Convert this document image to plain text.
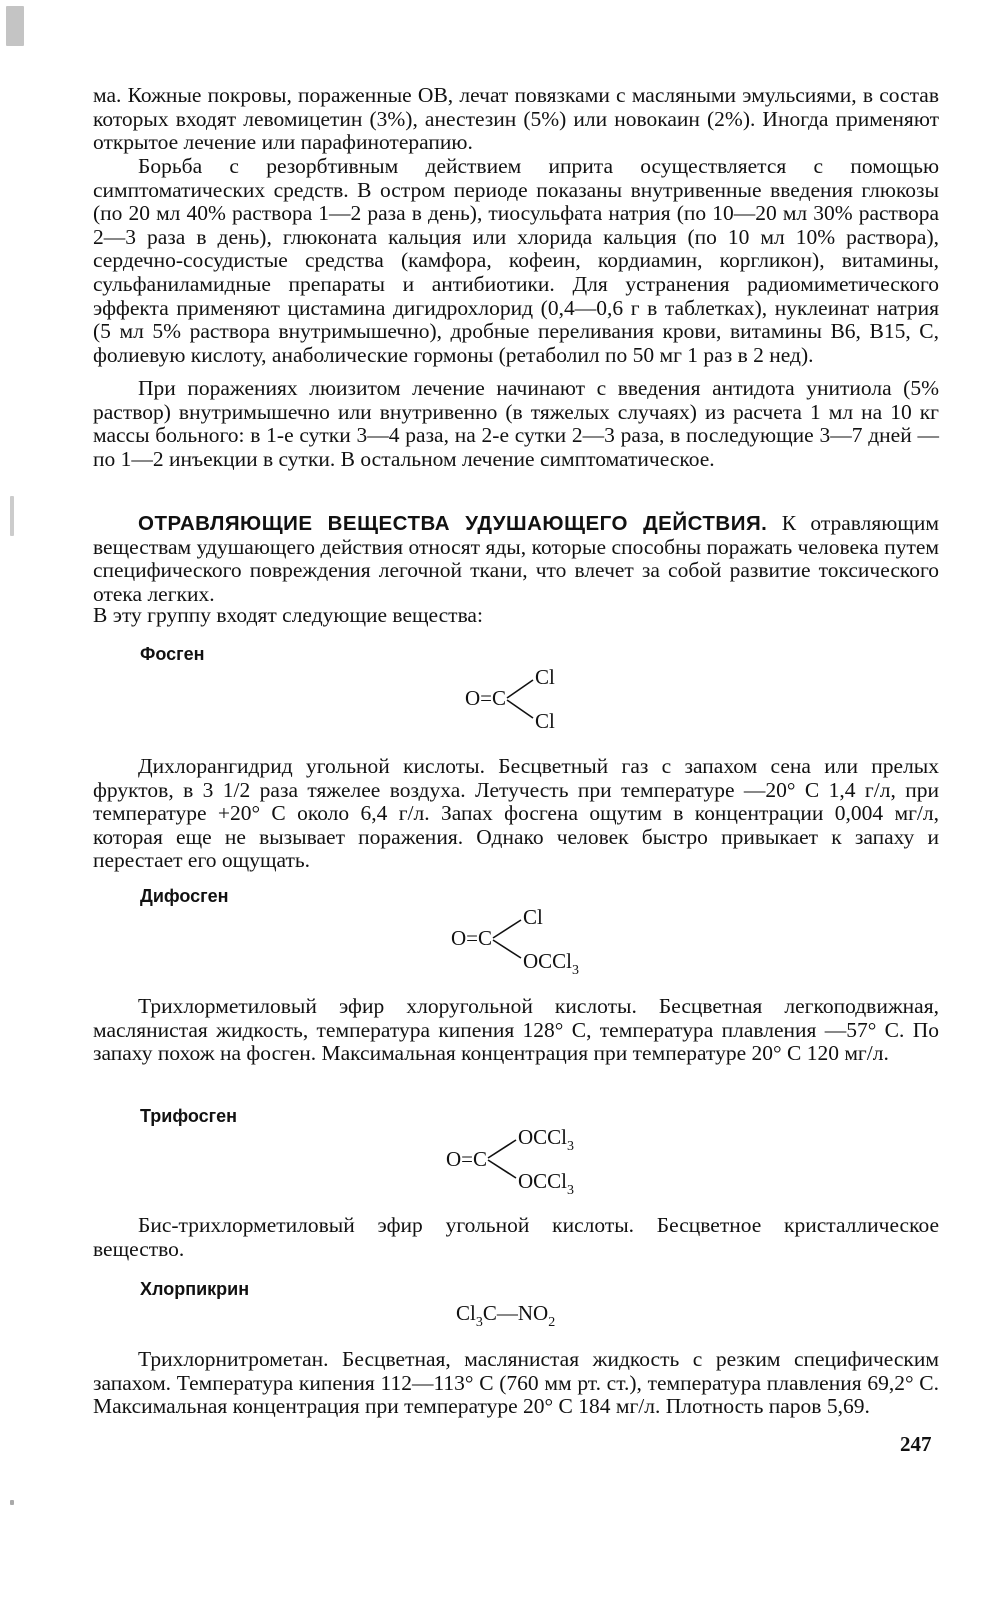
ма. Кожные покровы, пораженные ОВ, лечат повязками с масляными эмульсиями, в состав которых входят левомицетин (3%), анестезин (5%) или новокаин (2%). Иногда применяют открытое лечение или парафинотерапию.

Борьба с резорбтивным действием иприта осуществляется с помощью симптоматических средств. В остром периоде показаны внутривенные введения глюкозы (по 20 мл 40% раствора 1—2 раза в день), тиосульфата натрия (по 10—20 мл 30% раствора 2—3 раза в день), глюконата кальция или хлорида кальция (по 10 мл 10% раствора), сердечно-сосудистые средства (камфора, кофеин, кордиамин, коргликон), витамины, сульфаниламидные препараты и антибиотики. Для устранения радиомиметического эффекта применяют цистамина дигидрохлорид (0,4—0,6 г в таблетках), нуклеинат натрия (5 мл 5% раствора внутримышечно), дробные переливания крови, витамины B6, B15, C, фолиевую кислоту, анаболические гормоны (ретаболил по 50 мг 1 раз в 2 нед).

При поражениях люизитом лечение начинают с введения антидота унитиола (5% раствор) внутримышечно или внутривенно (в тяжелых случаях) из расчета 1 мл на 10 кг массы больного: в 1-е сутки 3—4 раза, на 2-е сутки 2—3 раза, в последующие 3—7 дней — по 1—2 инъекции в сутки. В остальном лечение симптоматическое.

ОТРАВЛЯЮЩИЕ ВЕЩЕСТВА УДУШАЮЩЕГО ДЕЙСТВИЯ. К отравляющим веществам удушающего действия относят яды, которые способны поражать человека путем специфического повреждения легочной ткани, что влечет за собой развитие токсического отека легких.

В эту группу входят следующие вещества:

Фосген

O=C
Cl
Cl

Дихлорангидрид угольной кислоты. Бесцветный газ с запахом сена или прелых фруктов, в 3 1/2 раза тяжелее воздуха. Летучесть при температуре —20° C 1,4 г/л, при температуре +20° C около 6,4 г/л. Запах фосгена ощутим в концентрации 0,004 мг/л, которая еще не вызывает поражения. Однако человек быстро привыкает к запаху и перестает его ощущать.

Дифосген

O=C
Cl
OCCl$_3$

Трихлорметиловый эфир хлоругольной кислоты. Бесцветная легкоподвижная, маслянистая жидкость, температура кипения 128° C, температура плавления —57° C. По запаху похож на фосген. Максимальная концентрация при температуре 20° C 120 мг/л.

Трифосген

O=C
OCCl$_3$
OCCl$_3$

Бис-трихлорметиловый эфир угольной кислоты. Бесцветное кристаллическое вещество.

Хлорпикрин

$Cl_3C—NO_2$

Трихлорнитрометан. Бесцветная, маслянистая жидкость с резким специфическим запахом. Температура кипения 112—113° C (760 мм рт. ст.), температура плавления 69,2° C. Максимальная концентрация при температуре 20° C 184 мг/л. Плотность паров 5,69.

247
